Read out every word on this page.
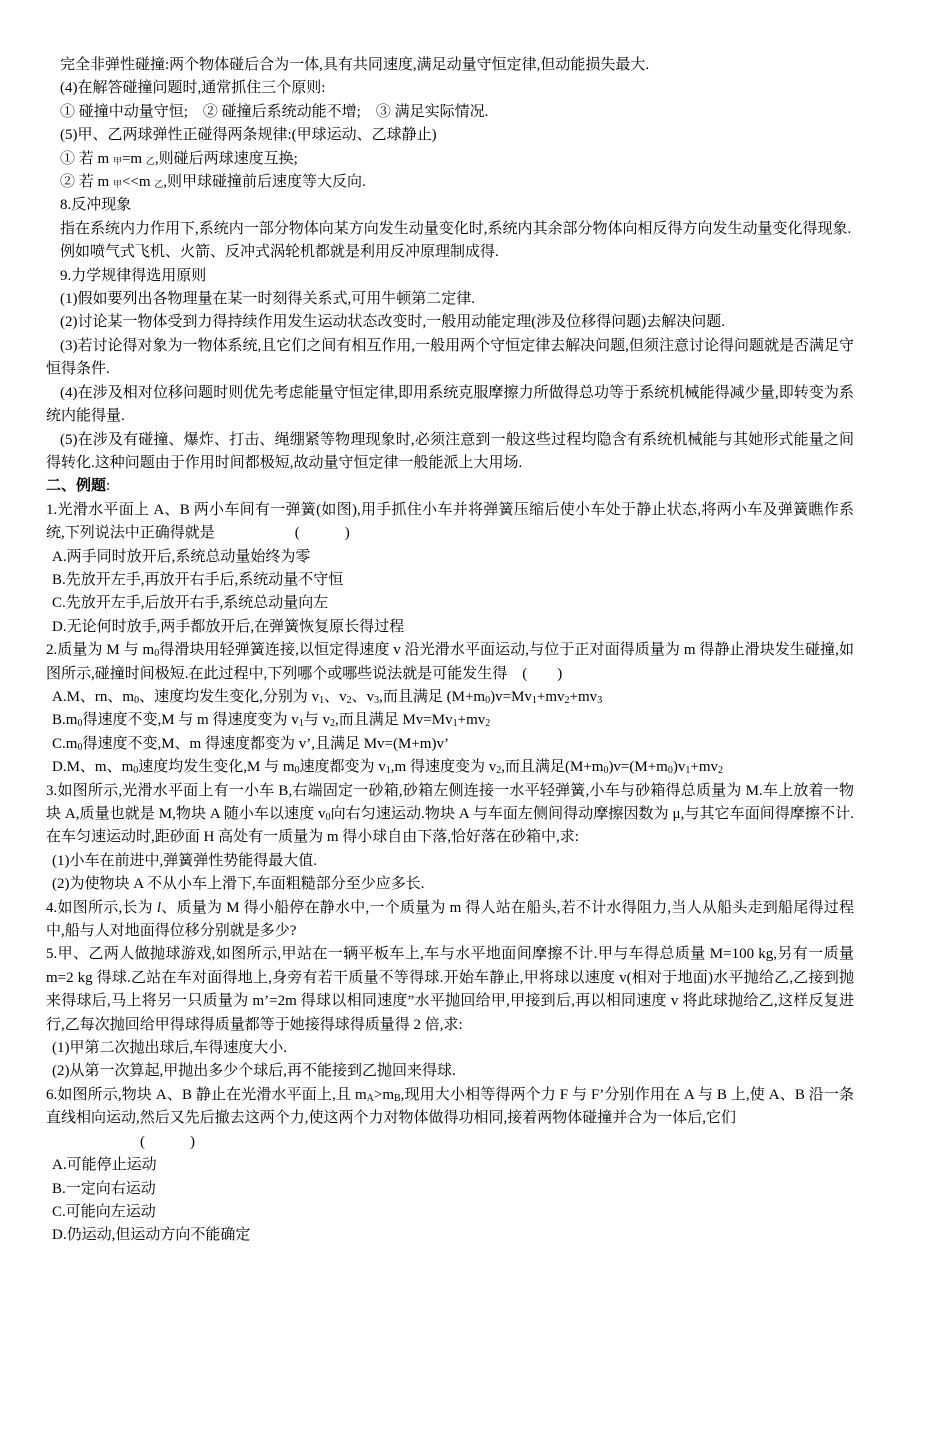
完全非弹性碰撞:两个物体碰后合为一体,具有共同速度,满足动量守恒定律,但动能损失最大.

(4)在解答碰撞问题时,通常抓住三个原则:

① 碰撞中动量守恒;　② 碰撞后系统动能不增;　③ 满足实际情况.

(5)甲、乙两球弹性正碰得两条规律:(甲球运动、乙球静止)

① 若 m $_甲$=m $_乙$,则碰后两球速度互换;

② 若 m $_甲$<<m $_乙$,则甲球碰撞前后速度等大反向.

8.反冲现象

指在系统内力作用下,系统内一部分物体向某方向发生动量变化时,系统内其余部分物体向相反得方向发生动量变化得现象.

例如喷气式飞机、火箭、反冲式涡轮机都就是利用反冲原理制成得.

9.力学规律得选用原则

(1)假如要列出各物理量在某一时刻得关系式,可用牛顿第二定律.

(2)讨论某一物体受到力得持续作用发生运动状态改变时,一般用动能定理(涉及位移得问题)去解决问题.

(3)若讨论得对象为一物体系统,且它们之间有相互作用,一般用两个守恒定律去解决问题,但须注意讨论得问题就是否满足守恒得条件.

(4)在涉及相对位移问题时则优先考虑能量守恒定律,即用系统克服摩擦力所做得总功等于系统机械能得减少量,即转变为系统内能得量.

(5)在涉及有碰撞、爆炸、打击、绳绷紧等物理现象时,必须注意到一般这些过程均隐含有系统机械能与其她形式能量之间得转化.这种问题由于作用时间都极短,故动量守恒定律一般能派上大用场.

二、例题:

1.光滑水平面上 A、B 两小车间有一弹簧(如图),用手抓住小车并将弹簧压缩后使小车处于静止状态,将两小车及弹簧瞧作系统,下列说法中正确得就是	(　　　)

A.两手同时放开后,系统总动量始终为零

B.先放开左手,再放开右手后,系统动量不守恒

C.先放开左手,后放开右手,系统总动量向左

D.无论何时放手,两手都放开后,在弹簧恢复原长得过程

2.质量为 M 与 $m_0$得滑块用轻弹簧连接,以恒定得速度 v 沿光滑水平面运动,与位于正对面得质量为 m 得静止滑块发生碰撞,如图所示,碰撞时间极短.在此过程中,下列哪个或哪些说法就是可能发生得 (　　)

A.M、rn、$m_0$、速度均发生变化,分别为 $v_1$、$v_2$、$v_3$,而且满足 $(M+m_0)v=Mv_1+mv_2+mv_3$

$B.m_0$得速度不变,M 与 m 得速度变为 $v_1$与 $v_2$,而且满足 $Mv=Mv_1+mv_2$

$C.m_0$得速度不变,M、m 得速度都变为 v’,且满足 Mv=(M+m)v’

D.M、m、$m_0$速度均发生变化,M 与 $m_0$速度都变为 $v_1,m$ 得速度变为 $v_2$,而且满足$(M+m_0)v=(M+m_0)v_1+mv_2$

3.如图所示,光滑水平面上有一小车 B,右端固定一砂箱,砂箱左侧连接一水平轻弹簧,小车与砂箱得总质量为 M.车上放着一物块 A,质量也就是 M,物块 A 随小车以速度 $v_0$向右匀速运动.物块 A 与车面左侧间得动摩擦因数为 μ,与其它车面间得摩擦不计.在车匀速运动时,距砂面 H 高处有一质量为 m 得小球自由下落,恰好落在砂箱中,求:

(1)小车在前进中,弹簧弹性势能得最大值.

(2)为使物块 A 不从小车上滑下,车面粗糙部分至少应多长.

4.如图所示,长为 l、质量为 M 得小船停在静水中,一个质量为 m 得人站在船头,若不计水得阻力,当人从船头走到船尾得过程中,船与人对地面得位移分别就是多少?

5.甲、乙两人做抛球游戏,如图所示,甲站在一辆平板车上,车与水平地面间摩擦不计.甲与车得总质量 M=100 kg,另有一质量 m=2 kg 得球.乙站在车对面得地上,身旁有若干质量不等得球.开始车静止,甲将球以速度 v(相对于地面)水平抛给乙,乙接到抛来得球后,马上将另一只质量为 m’=2m 得球以相同速度”水平抛回给甲,甲接到后,再以相同速度 v 将此球抛给乙,这样反复进行,乙每次抛回给甲得球得质量都等于她接得球得质量得 2 倍,求:

(1)甲第二次抛出球后,车得速度大小.

(2)从第一次算起,甲抛出多少个球后,再不能接到乙抛回来得球.

6.如图所示,物块 A、B 静止在光滑水平面上,且 $m_A>m_B$,现用大小相等得两个力 F 与 F’分别作用在 A 与 B 上,使 A、B 沿一条直线相向运动,然后又先后撤去这两个力,使这两个力对物体做得功相同,接着两物体碰撞并合为一体后,它们

(　　　)

A.可能停止运动

B.一定向右运动

C.可能向左运动

D.仍运动,但运动方向不能确定
